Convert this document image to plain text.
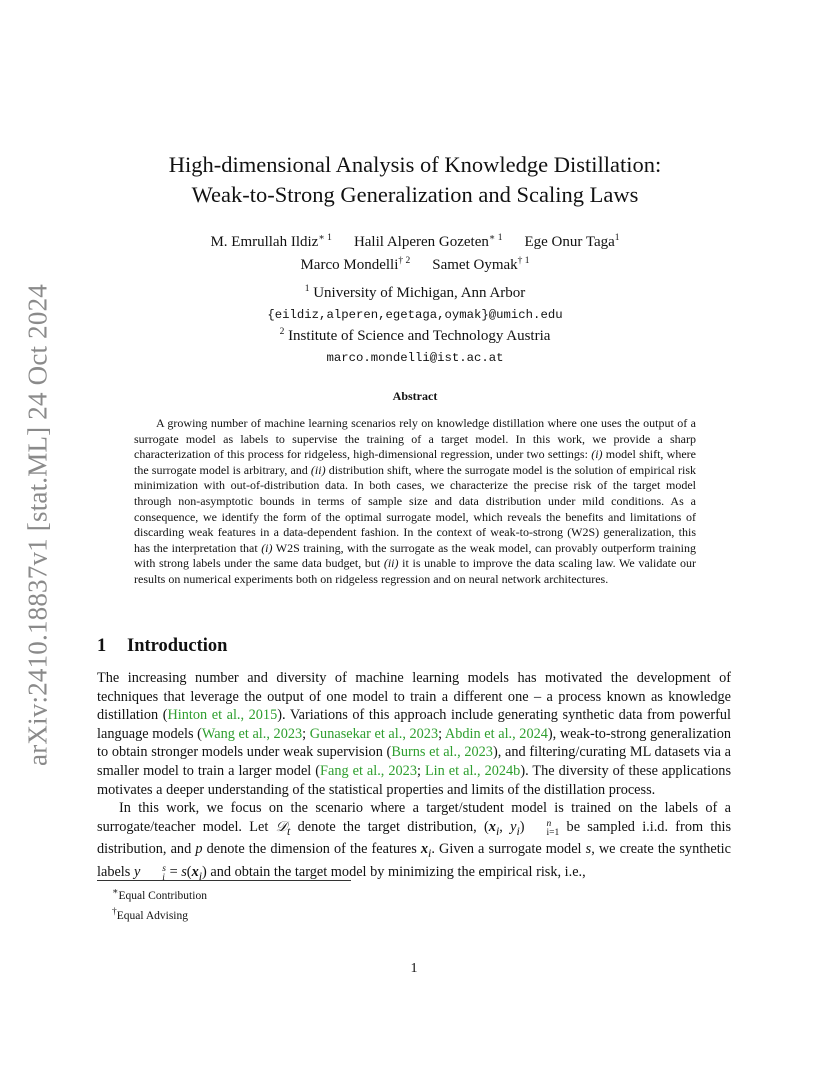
arXiv:2410.18837v1 [stat.ML] 24 Oct 2024
High-dimensional Analysis of Knowledge Distillation:
Weak-to-Strong Generalization and Scaling Laws
M. Emrullah Ildiz$^{∗ 1}$ Halil Alperen Gozeten$^{∗ 1}$ Ege Onur Taga$^1$
Marco Mondelli$^{\dagger 2}$ Samet Oymak$^{\dagger 1}$
$^1$ University of Michigan, Ann Arbor
{eildiz,alperen,egetaga,oymak}@umich.edu
$^2$ Institute of Science and Technology Austria
marco.mondelli@ist.ac.at
Abstract
A growing number of machine learning scenarios rely on knowledge distillation where one uses the output of a surrogate model as labels to supervise the training of a target model. In this work, we provide a sharp characterization of this process for ridgeless, high-dimensional regression, under two settings: (i) model shift, where the surrogate model is arbitrary, and (ii) distribution shift, where the surrogate model is the solution of empirical risk minimization with out-of-distribution data. In both cases, we characterize the precise risk of the target model through non-asymptotic bounds in terms of sample size and data distribution under mild conditions. As a consequence, we identify the form of the optimal surrogate model, which reveals the benefits and limitations of discarding weak features in a data-dependent fashion. In the context of weak-to-strong (W2S) generalization, this has the interpretation that (i) W2S training, with the surrogate as the weak model, can provably outperform training with strong labels under the same data budget, but (ii) it is unable to improve the data scaling law. We validate our results on numerical experiments both on ridgeless regression and on neural network architectures.
1 Introduction

The increasing number and diversity of machine learning models has motivated the development of techniques that leverage the output of one model to train a different one – a process known as knowledge distillation (Hinton et al., 2015). Variations of this approach include generating synthetic data from powerful language models (Wang et al., 2023; Gunasekar et al., 2023; Abdin et al., 2024), weak-to-strong generalization to obtain stronger models under weak supervision (Burns et al., 2023), and filtering/curating ML datasets via a smaller model to train a larger model (Fang et al., 2023; Lin et al., 2024b). The diversity of these applications motivates a deeper understanding of the statistical properties and limits of the distillation process.

In this work, we focus on the scenario where a target/student model is trained on the labels of a surrogate/teacher model. Let 𝒟$_t$ denote the target distribution, ($x_i$, $y_i$)	n
i=1 be sampled i.i.d. from this distribution, and p denote the dimension of the features $x_i$. Given a surrogate model s, we create the synthetic labels y	s
$i = s(x_i)$ and obtain the target model by minimizing the empirical risk, i.e.,

∗Equal Contribution
†Equal Advising
1
